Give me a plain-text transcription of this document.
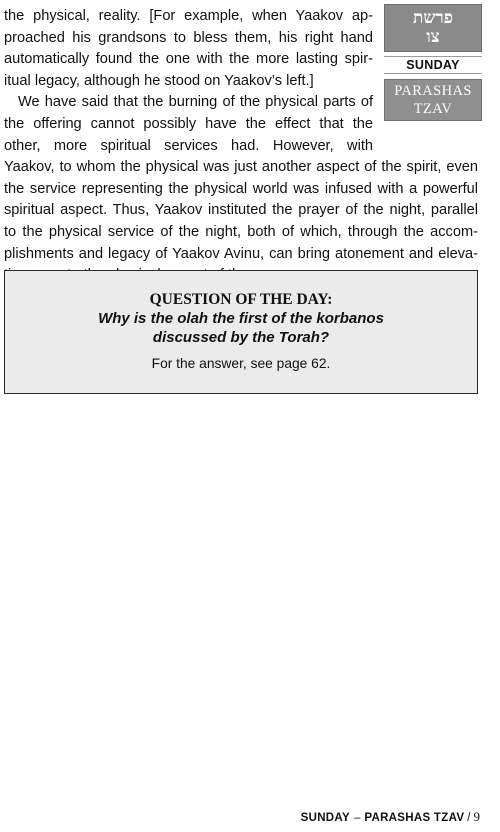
the physical, reality. [For example, when Yaakov ap-
proached his grandsons to bless them, his right hand
automatically found the one with the more lasting spir-
itual legacy, although he stood on Yaakov’s left.]
We have said that the burning of the physical parts of
the offering cannot possibly have the effect that the
other, more spiritual services had. However, with
Yaakov, to whom the physical was just another aspect of the spirit, even
the service representing the physical world was infused with a powerful
spiritual aspect. Thus, Yaakov instituted the prayer of the night, parallel
to the physical service of the night, both of which, through the accom-
plishments and legacy of Yaakov Avinu, can bring atonement and eleva-
פרשת
צו
SUNDAY
PARASHAS
TZAV
QUESTION OF THE DAY:
Why is the olah the first of the korbanos
discussed by the Torah?
For the answer, see page 62.
SUNDAY – PARASHAS TZAV / 9
